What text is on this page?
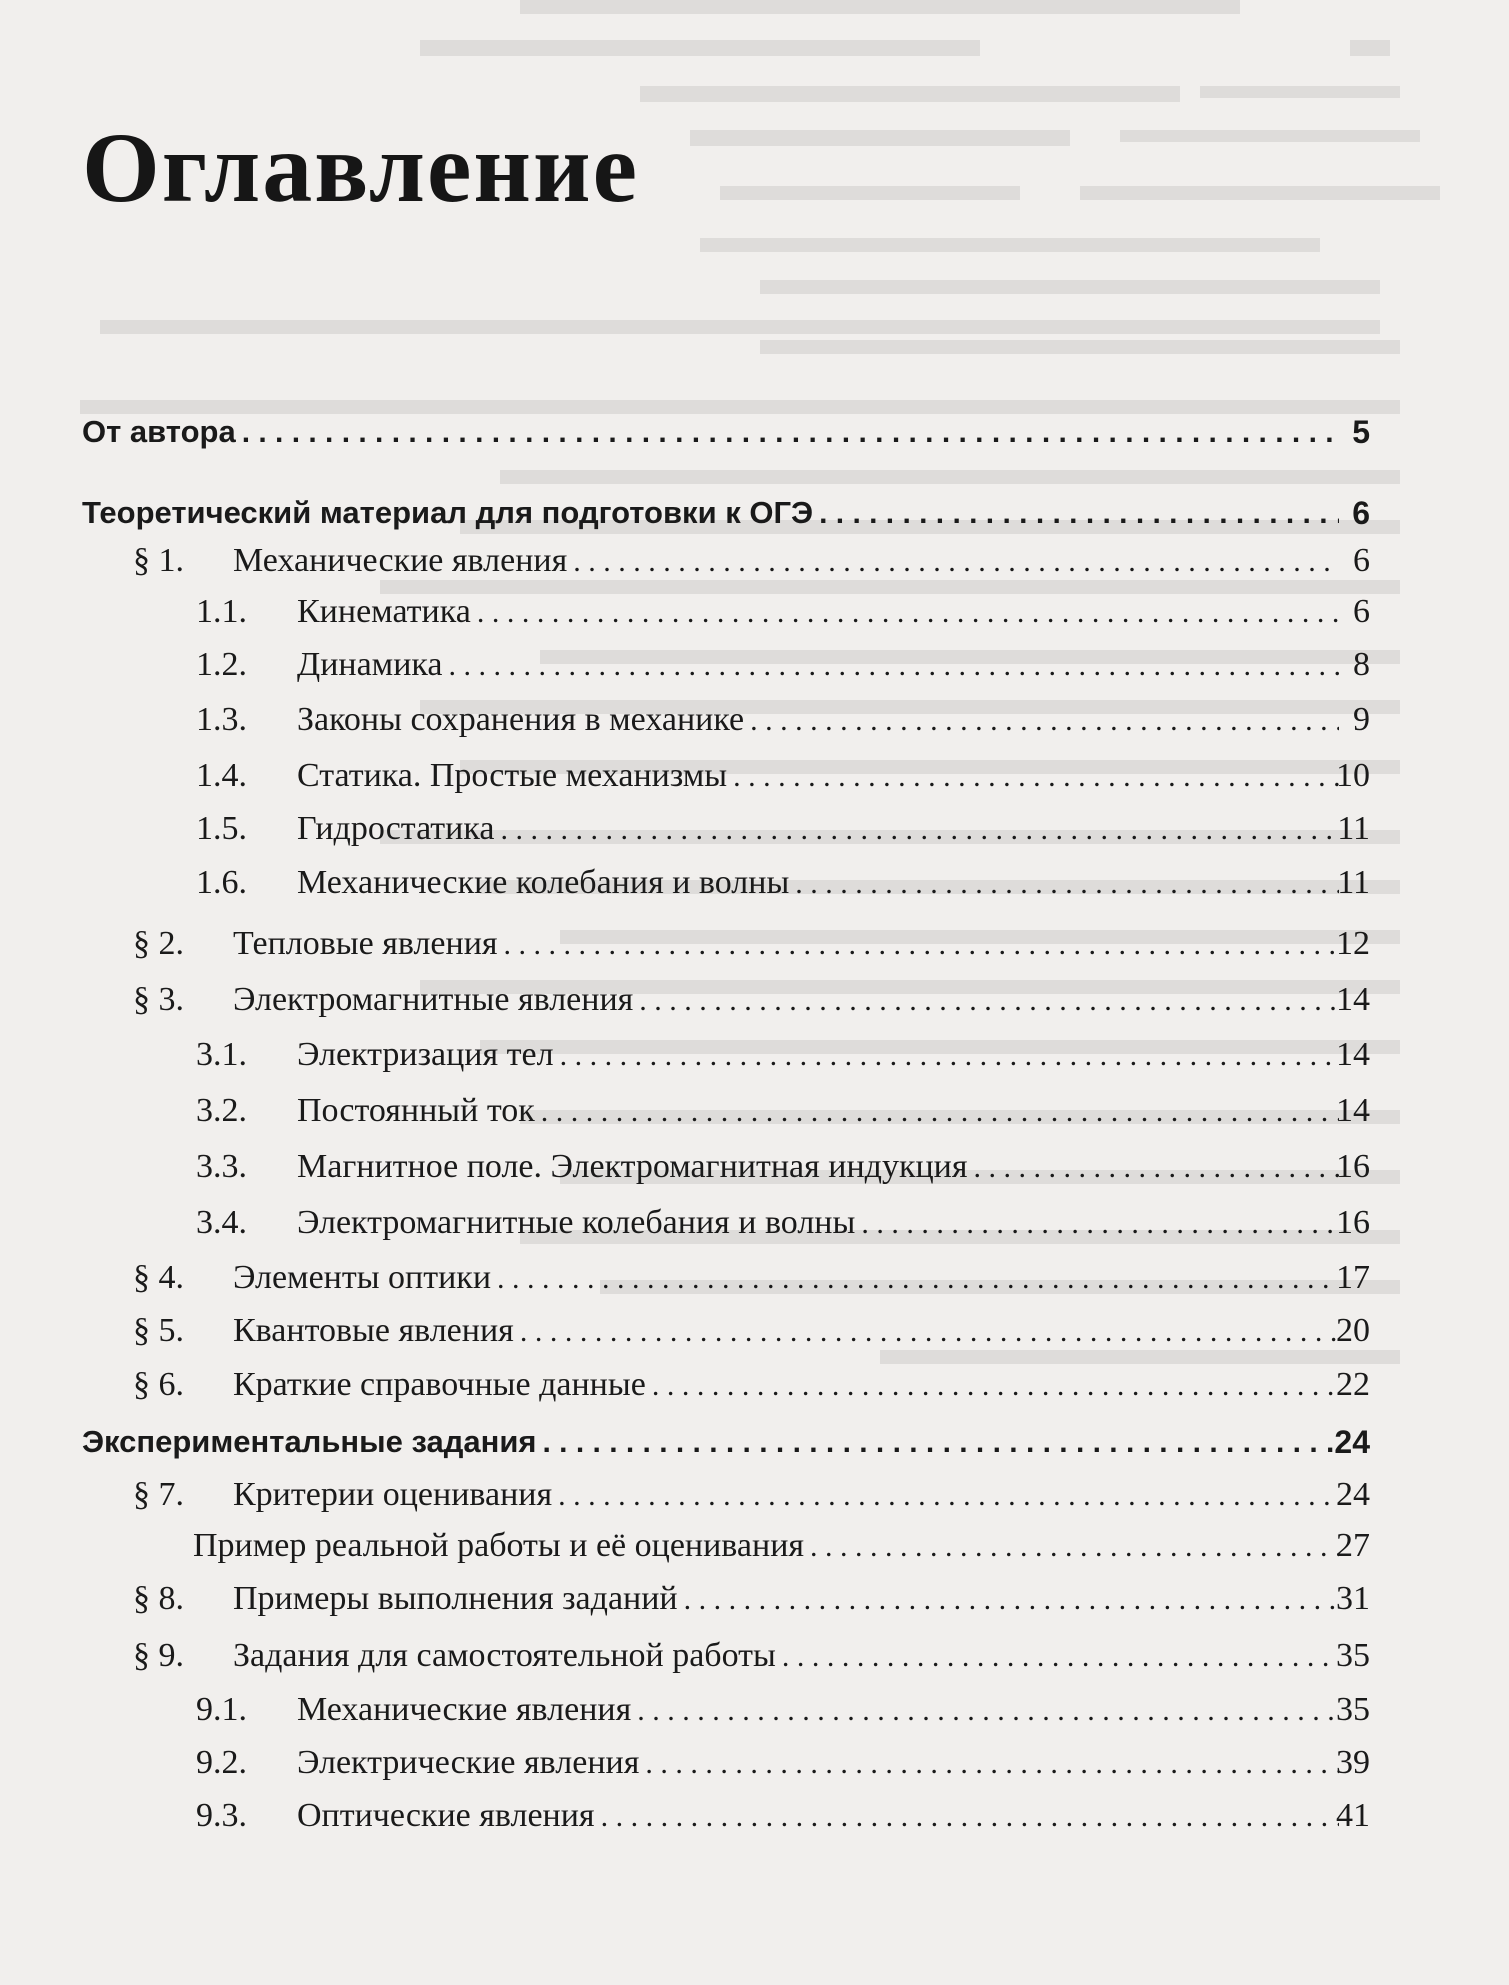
Оглавление
От автора . . .	5
Теоретический материал для подготовки к ОГЭ . . .	6
§ 1.	Механические явления . . .	6
1.1.	Кинематика . . .	6
1.2.	Динамика . . .	8
1.3.	Законы сохранения в механике . . .	9
1.4.	Статика. Простые механизмы . . .	10
1.5.	Гидростатика . . .	11
1.6.	Механические колебания и волны . . .	11
§ 2.	Тепловые явления . . .	12
§ 3.	Электромагнитные явления . . .	14
3.1.	Электризация тел . . .	14
3.2.	Постоянный ток . . .	14
3.3.	Магнитное поле. Электромагнитная индукция . . .	16
3.4.	Электромагнитные колебания и волны . . .	16
§ 4.	Элементы оптики . . .	17
§ 5.	Квантовые явления . . .	20
§ 6.	Краткие справочные данные . . .	22
Экспериментальные задания . . .	24
§ 7.	Критерии оценивания . . .	24
Пример реальной работы и её оценивания . . .	27
§ 8.	Примеры выполнения заданий . . .	31
§ 9.	Задания для самостоятельной работы . . .	35
9.1.	Механические явления . . .	35
9.2.	Электрические явления . . .	39
9.3.	Оптические явления . . .	41
